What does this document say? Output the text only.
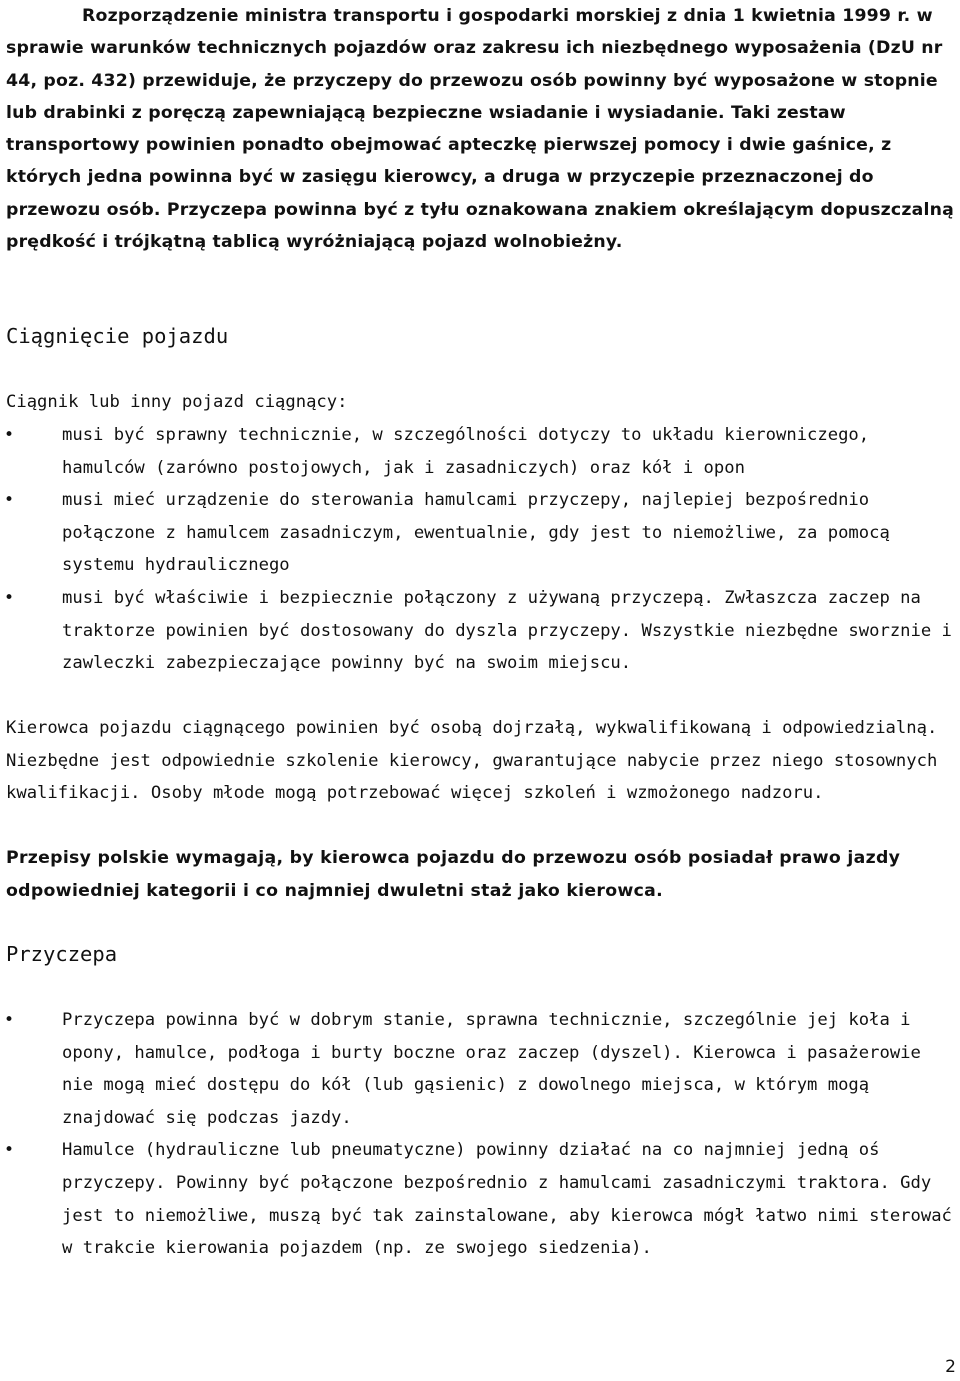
Rozporządzenie ministra transportu i gospodarki morskiej z dnia 1 kwietnia 1999 r. w sprawie warunków technicznych pojazdów oraz zakresu ich niezbędnego wyposażenia (DzU nr 44, poz. 432) przewiduje, że przyczepy do przewozu osób powinny być wyposażone w stopnie lub drabinki z poręczą zapewniającą bezpieczne wsiadanie i wysiadanie. Taki zestaw transportowy powinien ponadto obejmować apteczkę pierwszej pomocy i dwie gaśnice, z których jedna powinna być w zasięgu kierowcy, a druga w przyczepie przeznaczonej do przewozu osób. Przyczepa powinna być z tyłu oznakowana znakiem określającym dopuszczalną prędkość i trójkątną tablicą wyróżniającą pojazd wolnobieżny.

Ciągnięcie pojazdu

Ciągnik lub inny pojazd ciągnący:

•	musi być sprawny technicznie, w szczególności dotyczy to układu kierowniczego, hamulców (zarówno postojowych, jak i zasadniczych) oraz kół i opon
•	musi mieć urządzenie do sterowania hamulcami przyczepy, najlepiej bezpośrednio połączone z hamulcem zasadniczym, ewentualnie, gdy jest to niemożliwe, za pomocą systemu hydraulicznego
•	musi być właściwie i bezpiecznie połączony z używaną przyczepą. Zwłaszcza zaczep na traktorze powinien być dostosowany do dyszla przyczepy. Wszystkie niezbędne sworznie i zawleczki zabezpieczające powinny być na swoim miejscu.

Kierowca pojazdu ciągnącego powinien być osobą dojrzałą, wykwalifikowaną i odpowiedzialną. Niezbędne jest odpowiednie szkolenie kierowcy, gwarantujące nabycie przez niego stosownych kwalifikacji. Osoby młode mogą potrzebować więcej szkoleń i wzmożonego nadzoru.

Przepisy polskie wymagają, by kierowca pojazdu do przewozu osób posiadał prawo jazdy odpowiedniej kategorii i co najmniej dwuletni staż jako kierowca.

Przyczepa
•	Przyczepa powinna być w dobrym stanie, sprawna technicznie, szczególnie jej koła i opony, hamulce, podłoga i burty boczne oraz zaczep (dyszel). Kierowca i pasażerowie nie mogą mieć dostępu do kół (lub gąsienic) z dowolnego miejsca, w którym mogą znajdować się podczas jazdy.
•	Hamulce (hydrauliczne lub pneumatyczne) powinny działać na co najmniej jedną oś przyczepy. Powinny być połączone bezpośrednio z hamulcami zasadniczymi traktora. Gdy jest to niemożliwe, muszą być tak zainstalowane, aby kierowca mógł łatwo nimi sterować w trakcie kierowania pojazdem (np. ze swojego siedzenia).
2
